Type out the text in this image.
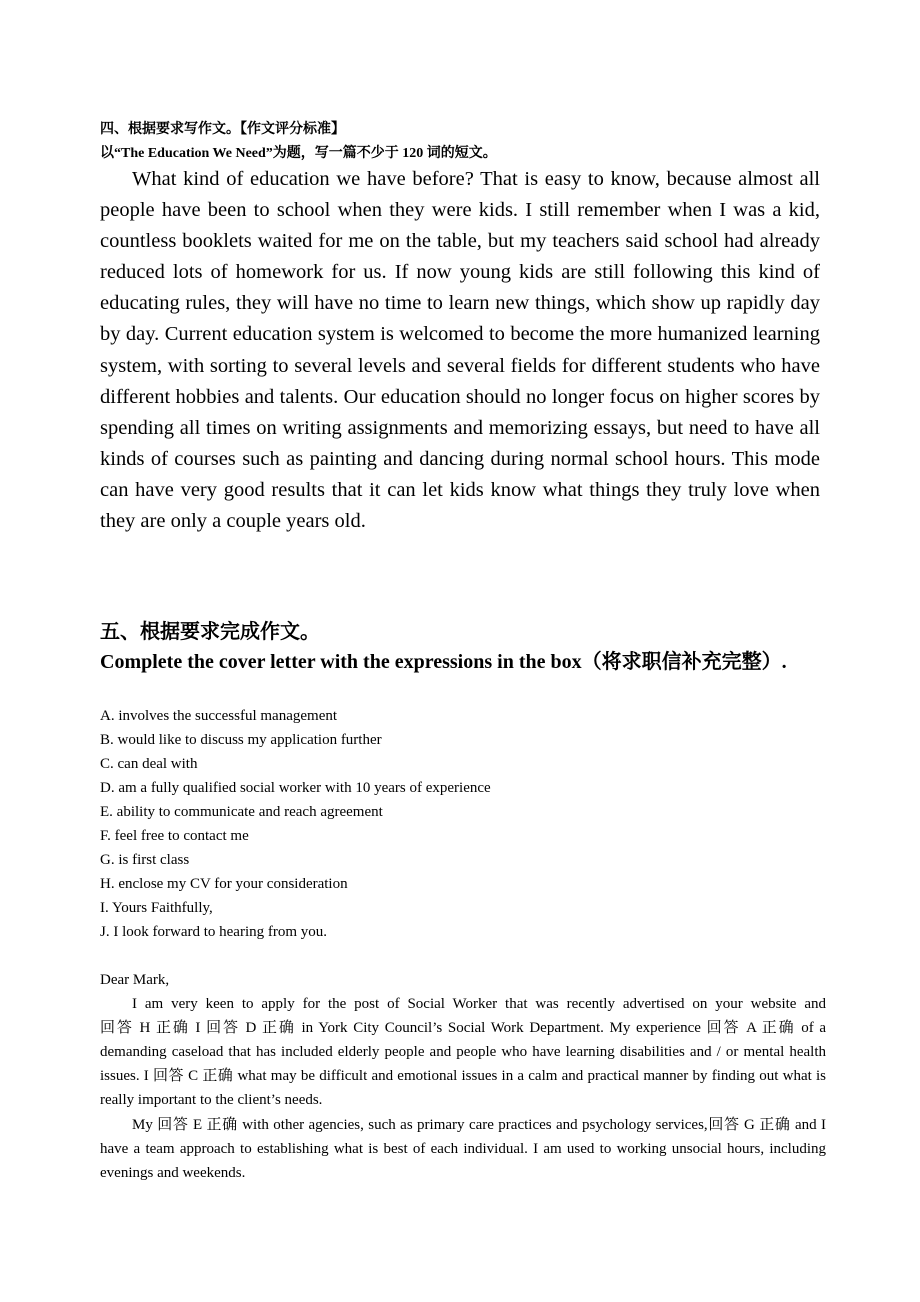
四、根据要求写作文。【作文评分标准】
以“The Education We Need”为题，写一篇不少于 120 词的短文。

What kind of education we have before? That is easy to know, because almost all people have been to school when they were kids. I still remember when I was a kid, countless booklets waited for me on the table, but my teachers said school had already reduced lots of homework for us. If now young kids are still following this kind of educating rules, they will have no time to learn new things, which show up rapidly day by day. Current education system is welcomed to become the more humanized learning system, with sorting to several levels and several fields for different students who have different hobbies and talents. Our education should no longer focus on higher scores by spending all times on writing assignments and memorizing essays, but need to have all kinds of courses such as painting and dancing during normal school hours. This mode can have very good results that it can let kids know what things they truly love when they are only a couple years old.

五、根据要求完成作文。

Complete the cover letter with the expressions in the box（将求职信补充完整）.

A. involves the successful management
B. would like to discuss my application further
C. can deal with
D. am a fully qualified social worker with 10 years of experience
E. ability to communicate and reach agreement
F. feel free to contact me
G. is first class
H. enclose my CV for your consideration
I. Yours Faithfully,
J. I look forward to hearing from you.

Dear Mark,

I am very keen to apply for the post of Social Worker that was recently advertised on your website and 回答 H 正确 I 回答 D 正确 in York City Council’s Social Work Department. My experience 回答 A 正确 of a demanding caseload that has included elderly people and people who have learning disabilities and / or mental health issues. I 回答 C 正确 what may be difficult and emotional issues in a calm and practical manner by finding out what is really important to the client’s needs.

My 回答 E 正确 with other agencies, such as primary care practices and psychology services,回答 G 正确 and I have a team approach to establishing what is best of each individual. I am used to working unsocial hours, including evenings and weekends.
